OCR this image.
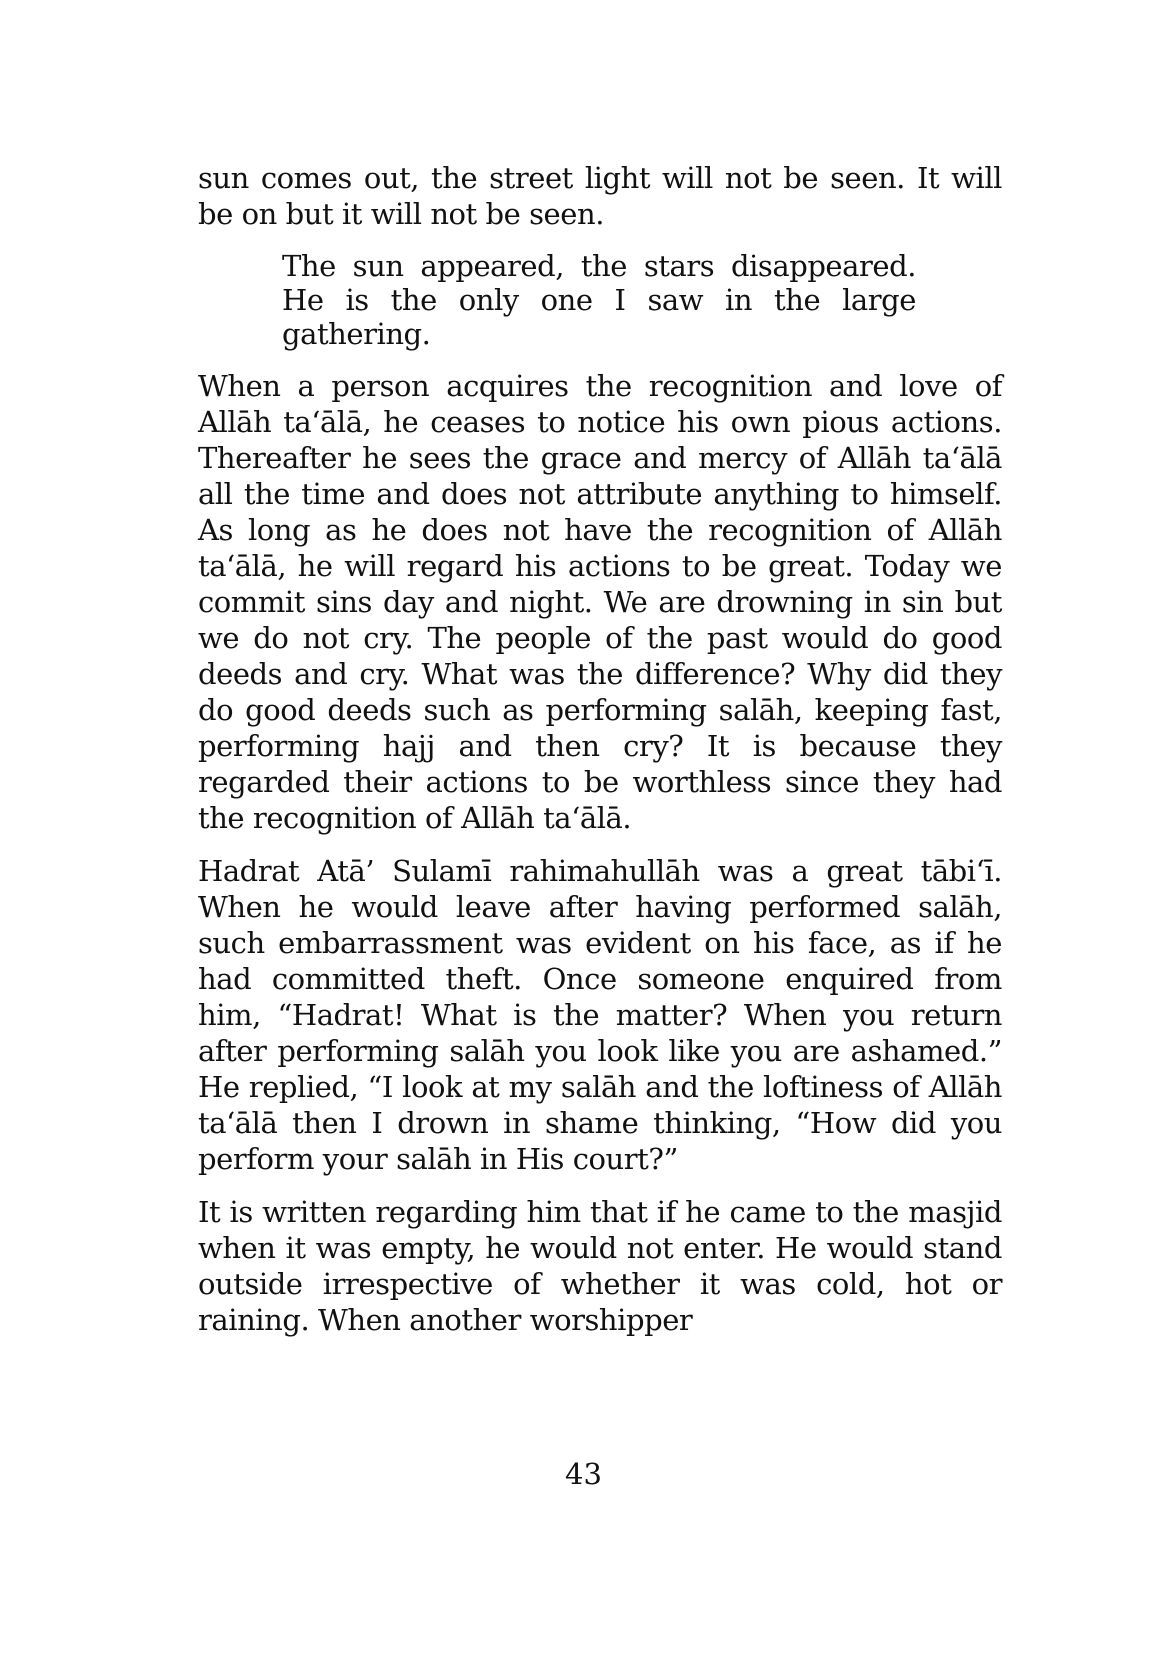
sun comes out, the street light will not be seen. It will be on but it will not be seen.

The sun appeared, the stars disappeared.
He is the only one I saw in the large
gathering.

When a person acquires the recognition and love of Allāh ta‘ālā, he ceases to notice his own pious actions. Thereafter he sees the grace and mercy of Allāh ta‘ālā all the time and does not attribute anything to himself. As long as he does not have the recognition of Allāh ta‘ālā, he will regard his actions to be great. Today we commit sins day and night. We are drowning in sin but we do not cry. The people of the past would do good deeds and cry. What was the difference? Why did they do good deeds such as performing salāh, keeping fast, performing hajj and then cry? It is because they regarded their actions to be worthless since they had the recognition of Allāh ta‘ālā.

Hadrat Atā’ Sulamī rahimahullāh was a great tābi‘ī. When he would leave after having performed salāh, such embarrassment was evident on his face, as if he had committed theft. Once someone enquired from him, “Hadrat! What is the matter? When you return after performing salāh you look like you are ashamed.” He replied, “I look at my salāh and the loftiness of Allāh ta‘ālā then I drown in shame thinking, “How did you perform your salāh in His court?”

It is written regarding him that if he came to the masjid when it was empty, he would not enter. He would stand outside irrespective of whether it was cold, hot or raining. When another worshipper

43
